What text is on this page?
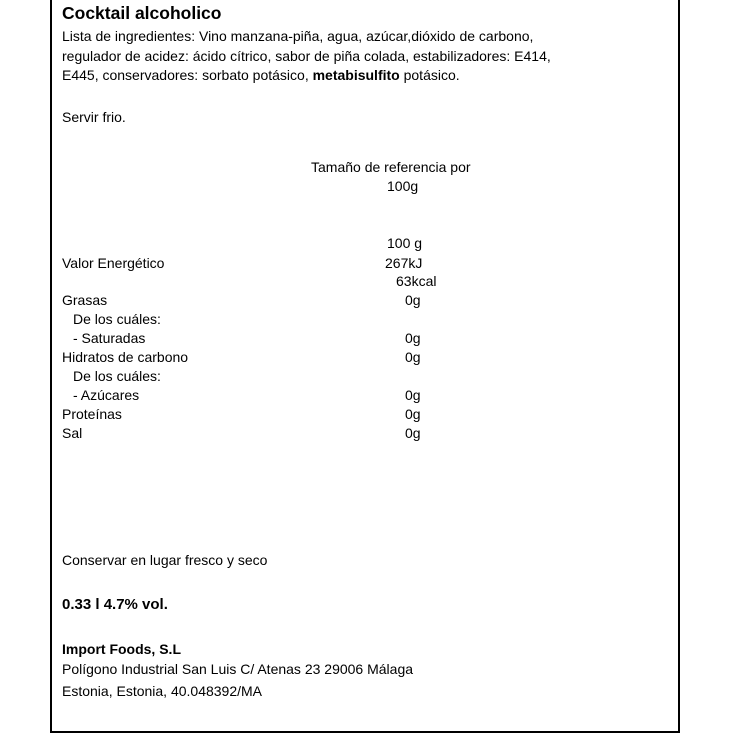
Cocktail alcoholico

Lista de ingredientes: Vino manzana-piña, agua, azúcar,dióxido de carbono,
regulador de acidez: ácido cítrico, sabor de piña colada, estabilizadores: E414,
E445, conservadores: sorbato potásico, metabisulfito potásico.

Servir frio.
Tamaño de referencia por
100g
100 g
Valor Energético	267kJ
63kcal
Grasas	0g
De los cuáles:
- Saturadas	0g
Hidratos de carbono	0g
De los cuáles:
- Azúcares	0g
Proteínas	0g
Sal	0g
Conservar en lugar fresco y seco
0.33 l 4.7% vol.
Import Foods, S.L
Polígono Industrial San Luis C/ Atenas 23 29006 Málaga
Estonia, Estonia, 40.048392/MA
